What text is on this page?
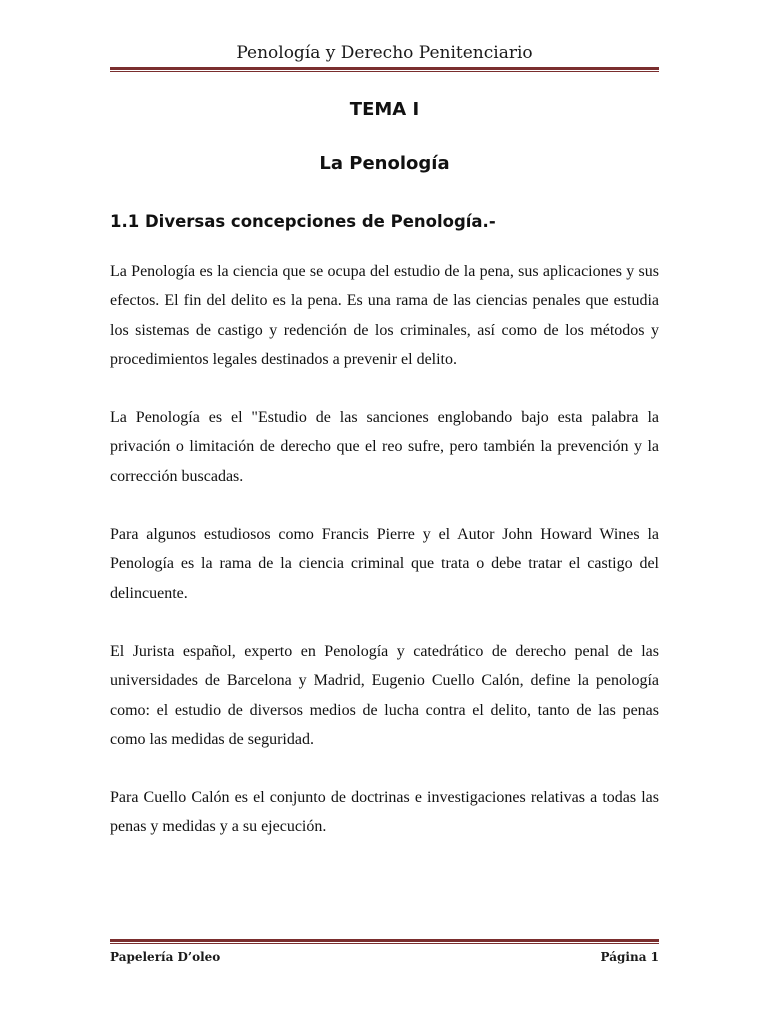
Penología y Derecho Penitenciario
TEMA I
La Penología
1.1 Diversas concepciones de Penología.-

La Penología es la ciencia que se ocupa del estudio de la pena, sus aplicaciones y sus efectos. El fin del delito es la pena. Es una rama de las ciencias penales que estudia los sistemas de castigo y redención de los criminales, así como de los métodos y procedimientos legales destinados a prevenir el delito.

La Penología es el "Estudio de las sanciones englobando bajo esta palabra la privación o limitación de derecho que el reo sufre, pero también la prevención y la corrección buscadas.

Para algunos estudiosos como Francis Pierre y el Autor John Howard Wines la Penología es la rama de la ciencia criminal que trata o debe tratar el castigo del delincuente.

El Jurista español, experto en Penología y catedrático de derecho penal de las universidades de Barcelona y Madrid, Eugenio Cuello Calón, define la penología como: el estudio de diversos medios de lucha contra el delito, tanto de las penas como las medidas de seguridad.

Para Cuello Calón es el conjunto de doctrinas e investigaciones relativas a todas las penas y medidas y a su ejecución.

Papelería D’oleo	Página 1
